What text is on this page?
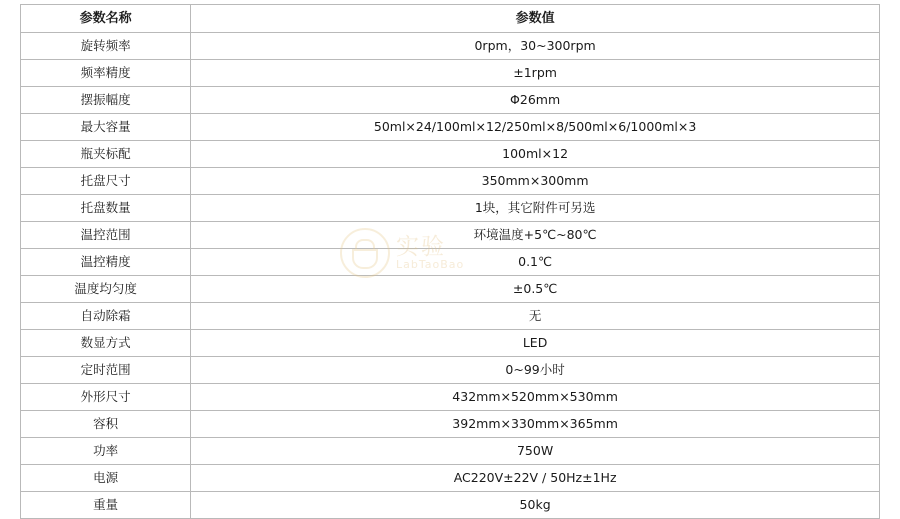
参数名称	参数值
旋转频率	0rpm，30~300rpm
频率精度	±1rpm
摆振幅度	Φ26mm
最大容量	50ml×24/100ml×12/250ml×8/500ml×6/1000ml×3
瓶夹标配	100ml×12
托盘尺寸	350mm×300mm
托盘数量	1块，其它附件可另选
温控范围	环境温度+5℃~80℃
温控精度	0.1℃
温度均匀度	±0.5℃
自动除霜	无
数显方式	LED
定时范围	0~99小时
外形尺寸	432mm×520mm×530mm
容积	392mm×330mm×365mm
功率	750W
电源	AC220V±22V / 50Hz±1Hz
重量	50kg
实验
LabTaoBao
